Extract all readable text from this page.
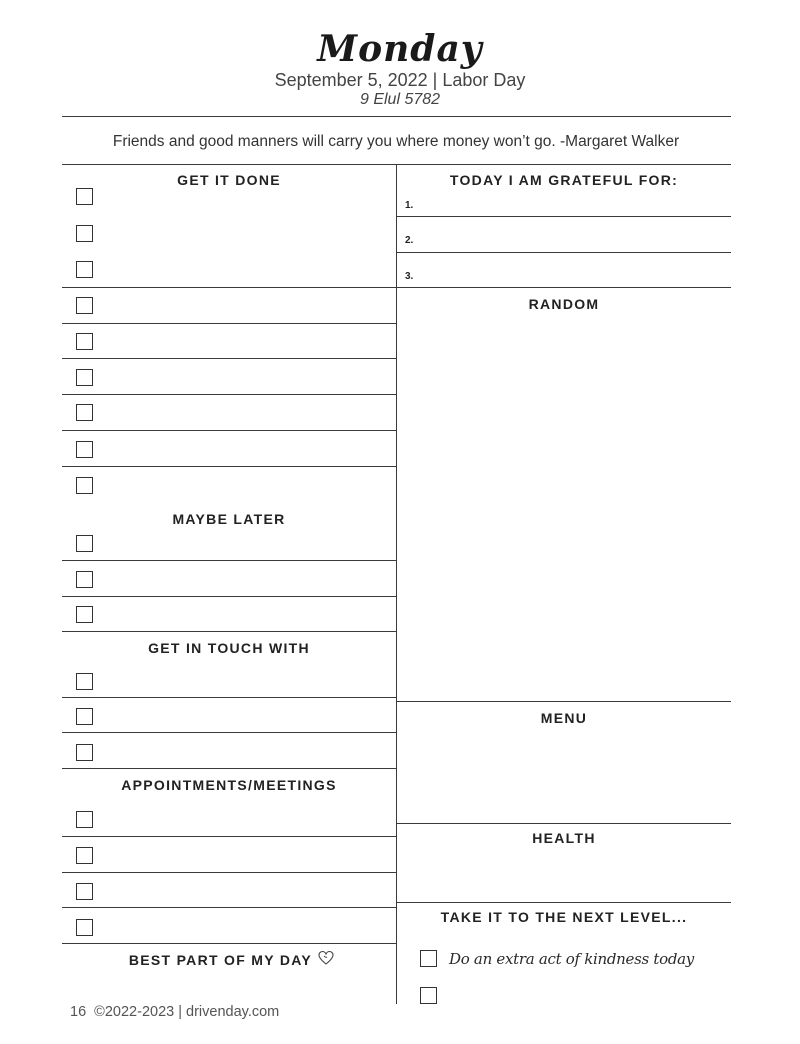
Monday
September 5, 2022 | Labor Day
9 Elul 5782
Friends and good manners will carry you where money won’t go. -Margaret Walker
GET IT DONE
MAYBE LATER
GET IN TOUCH WITH
APPOINTMENTS/MEETINGS
BEST PART OF MY DAY
TODAY I AM GRATEFUL FOR:
1.
2.
3.
RANDOM
MENU
HEALTH
TAKE IT TO THE NEXT LEVEL...
Do an extra act of kindness today
16  ©2022-2023 | drivenday.com
